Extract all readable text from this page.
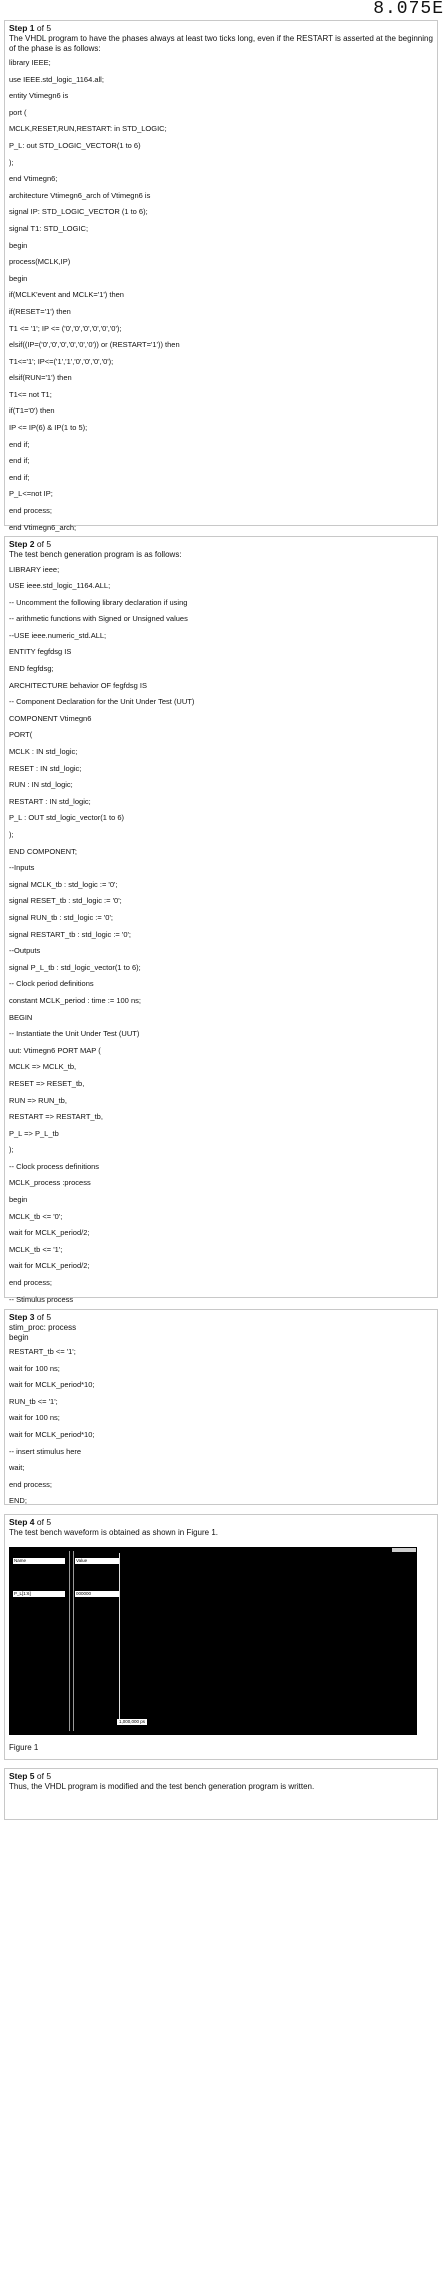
8.075E
Step 1 of 5
The VHDL program to have the phases always at least two ticks long, even if the RESTART is asserted at the beginning of the phase is as follows:
library IEEE;
use IEEE.std_logic_1164.all;
entity Vtimegn6 is
port (
MCLK,RESET,RUN,RESTART: in STD_LOGIC;
P_L: out STD_LOGIC_VECTOR(1 to 6)
);
end Vtimegn6;
architecture Vtimegn6_arch of Vtimegn6 is
signal IP: STD_LOGIC_VECTOR (1 to 6);
signal T1: STD_LOGIC;
begin
process(MCLK,IP)
begin
if(MCLK'event and MCLK='1') then
if(RESET='1') then
T1 <= '1'; IP <= ('0','0','0','0','0','0');
elsif((IP=('0','0','0','0','0','0')) or (RESTART='1')) then
T1<='1'; IP<=('1','1','0','0','0','0');
elsif(RUN='1') then
T1<= not T1;
if(T1='0') then
IP <= IP(6) & IP(1 to 5);
end if;
end if;
end if;
P_L<=not IP;
end process;
end Vtimegn6_arch;
Step 2 of 5
The test bench generation program is as follows:
LIBRARY ieee;
USE ieee.std_logic_1164.ALL;
-- Uncomment the following library declaration if using
-- arithmetic functions with Signed or Unsigned values
--USE ieee.numeric_std.ALL;
ENTITY fegfdsg IS
END fegfdsg;
ARCHITECTURE behavior OF fegfdsg IS
-- Component Declaration for the Unit Under Test (UUT)
COMPONENT Vtimegn6
PORT(
MCLK : IN std_logic;
RESET : IN std_logic;
RUN : IN std_logic;
RESTART : IN std_logic;
P_L : OUT std_logic_vector(1 to 6)
);
END COMPONENT;
--Inputs
signal MCLK_tb : std_logic := '0';
signal RESET_tb : std_logic := '0';
signal RUN_tb : std_logic := '0';
signal RESTART_tb : std_logic := '0';
--Outputs
signal P_L_tb : std_logic_vector(1 to 6);
-- Clock period definitions
constant MCLK_period : time := 100 ns;
BEGIN
-- Instantiate the Unit Under Test (UUT)
uut: Vtimegn6 PORT MAP (
MCLK => MCLK_tb,
RESET => RESET_tb,
RUN => RUN_tb,
RESTART => RESTART_tb,
P_L => P_L_tb
);
-- Clock process definitions
MCLK_process :process
begin
MCLK_tb <= '0';
wait for MCLK_period/2;
MCLK_tb <= '1';
wait for MCLK_period/2;
end process;
-- Stimulus process
Step 3 of 5
stim_proc: process
begin
RESTART_tb <= '1';
wait for 100 ns;
wait for MCLK_period*10;
RUN_tb <= '1';
wait for 100 ns;
wait for MCLK_period*10;
-- insert stimulus here
wait;
end process;
END;
Step 4 of 5
The test bench waveform is obtained as shown in Figure 1.
Name	Value
P_L[1:6]	000000
1,000,000 ps
Figure 1
Step 5 of 5
Thus, the VHDL program is modified and the test bench generation program is written.
